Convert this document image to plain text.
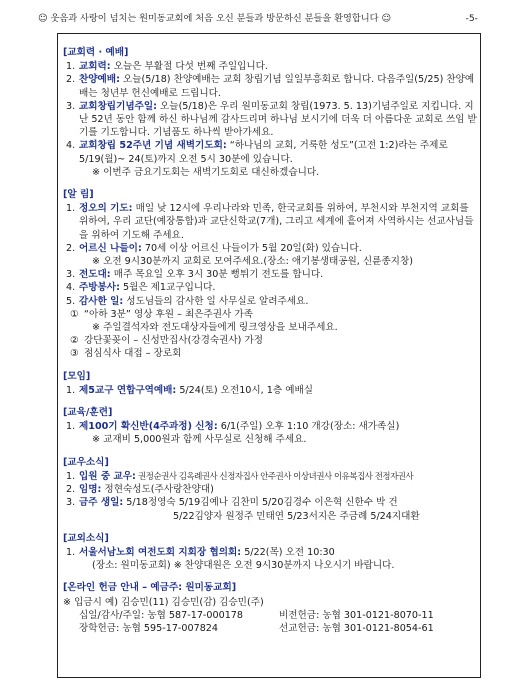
☺ 웃음과 사랑이 넘치는 원미동교회에 처음 오신 분들과 방문하신 분들을 환영합니다 ☺	-5-
[교회력 · 예배]
1. 교회력: 오늘은 부활절 다섯 번째 주일입니다.
2. 찬양예배: 오늘(5/18) 찬양예배는 교회 창립기념 일일부흥회로 합니다. 다음주일(5/25) 찬양예배는 청년부 헌신예배로 드립니다.
3. 교회창립기념주일: 오늘(5/18)은 우리 원미동교회 창립(1973. 5. 13)기념주일로 지킵니다. 지난 52년 동안 함께 하신 하나님께 감사드리며 하나님 보시기에 더욱 더 아름다운 교회로 쓰임 받기를 기도합니다. 기념품도 하나씩 받아가세요.
4. 교회창립 52주년 기념 새벽기도회: “하나님의 교회, 거룩한 성도”(고전 1:2)라는 주제로 5/19(월)~ 24(토)까지 오전 5시 30분에 있습니다.
※ 이번주 금요기도회는 새벽기도회로 대신하겠습니다.
[알 림]
1. 정오의 기도: 매일 낮 12시에 우리나라와 민족, 한국교회를 위하여, 부천시와 부천지역 교회를 위하여, 우리 교단(예장통합)과 교단신학교(7개), 그리고 세계에 흩어져 사역하시는 선교사님들을 위하여 기도해 주세요.
2. 어르신 나들이: 70세 이상 어르신 나들이가 5월 20일(화) 있습니다.
※ 오전 9시30분까지 교회로 모여주세요.(장소: 애기봉생태공원, 신륜종지창)
3. 전도대: 매주 목요일 오후 3시 30분 뻥튀기 전도를 합니다.
4. 주방봉사: 5월은 제1교구입니다.
5. 감사한 일: 성도님들의 감사한 일 사무실로 알려주세요.
① “아하 3분” 영상 후원 – 최은주권사 가족
※ 주일결석자와 전도대상자들에게 링크영상을 보내주세요.
② 강단꽃꽂이 – 신성만집사(강경숙권사) 가정
③ 점심식사 대접 – 장로회
[모임]
1. 제5교구 연합구역예배: 5/24(토) 오전10시, 1층 예배실
[교육/훈련]
1. 제100기 확신반(4주과정) 신청: 6/1(주일) 오후 1:10 개강(장소: 새가족실)
※ 교재비 5,000원과 함께 사무실로 신청해 주세요.
[교우소식]
1. 입원 중 교우: 권정순권사 김옥례권사 신정자집사 안주권사 이상녀권사 이유복집사 전정자권사
2. 임명: 정현숙성도(주사랑찬양대)
3. 금주 생일: 5/18정영숙 5/19김예나 김찬미 5/20김경수 이은혁 신한수 박 건
5/22김양자 원정주 민태연 5/23서지은 주금례 5/24지대환
[교외소식]
1. 서울서남노회 여전도회 지회장 협의회: 5/22(목) 오전 10:30
(장소: 원미동교회) ※ 찬양대원은 오전 9시30분까지 나오시기 바랍니다.
[온라인 헌금 안내 – 예금주: 원미동교회]
※ 입금시 예) 김승민(11) 김승민(감) 김승민(주)
십일/감사/주일: 농협 587-17-000178	비전헌금: 농협 301-0121-8070-11
장학헌금: 농협 595-17-007824	선교헌금: 농협 301-0121-8054-61
